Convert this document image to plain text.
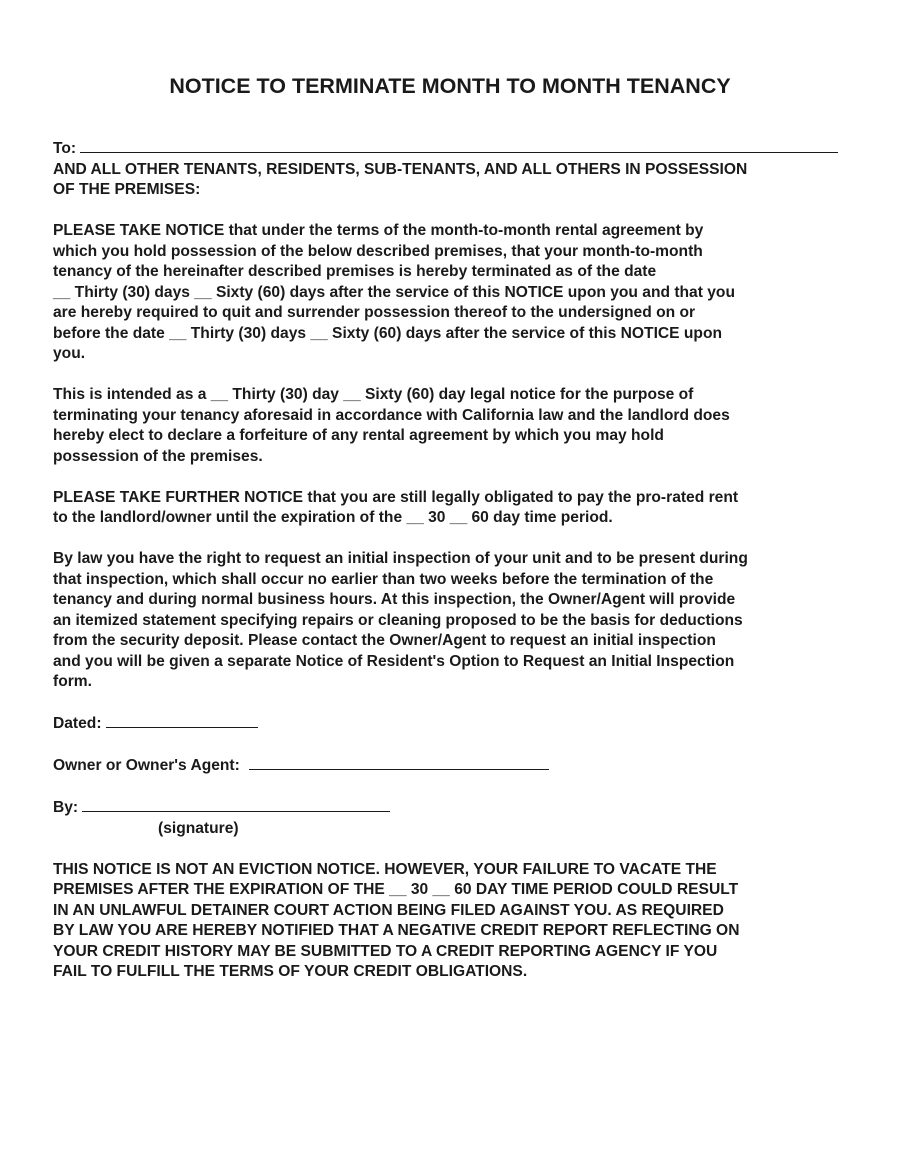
NOTICE TO TERMINATE MONTH TO MONTH TENANCY

To:

AND ALL OTHER TENANTS, RESIDENTS, SUB-TENANTS, AND ALL OTHERS IN POSSESSION

OF THE PREMISES:

PLEASE TAKE NOTICE that under the terms of the month-to-month rental agreement by

which you hold possession of the below described premises, that your month-to-month

tenancy of the hereinafter described premises is hereby terminated as of the date

__ Thirty (30) days __ Sixty (60) days after the service of this NOTICE upon you and that you

are hereby required to quit and surrender possession thereof to the undersigned on or

before the date __ Thirty (30) days __ Sixty (60) days after the service of this NOTICE upon

you.

This is intended as a __ Thirty (30) day __ Sixty (60) day legal notice for the purpose of

terminating your tenancy aforesaid in accordance with California law and the landlord does

hereby elect to declare a forfeiture of any rental agreement by which you may hold

possession of the premises.

PLEASE TAKE FURTHER NOTICE that you are still legally obligated to pay the pro-rated rent

to the landlord/owner until the expiration of the __ 30 __ 60 day time period.

By law you have the right to request an initial inspection of your unit and to be present during

that inspection, which shall occur no earlier than two weeks before the termination of the

tenancy and during normal business hours. At this inspection, the Owner/Agent will provide

an itemized statement specifying repairs or cleaning proposed to be the basis for deductions

from the security deposit. Please contact the Owner/Agent to request an initial inspection

and you will be given a separate Notice of Resident's Option to Request an Initial Inspection

form.

Dated:

Owner or Owner's Agent:

By:

(signature)

THIS NOTICE IS NOT AN EVICTION NOTICE. HOWEVER, YOUR FAILURE TO VACATE THE

PREMISES AFTER THE EXPIRATION OF THE __ 30 __ 60 DAY TIME PERIOD COULD RESULT

IN AN UNLAWFUL DETAINER COURT ACTION BEING FILED AGAINST YOU. AS REQUIRED

BY LAW YOU ARE HEREBY NOTIFIED THAT A NEGATIVE CREDIT REPORT REFLECTING ON

YOUR CREDIT HISTORY MAY BE SUBMITTED TO A CREDIT REPORTING AGENCY IF YOU

FAIL TO FULFILL THE TERMS OF YOUR CREDIT OBLIGATIONS.
